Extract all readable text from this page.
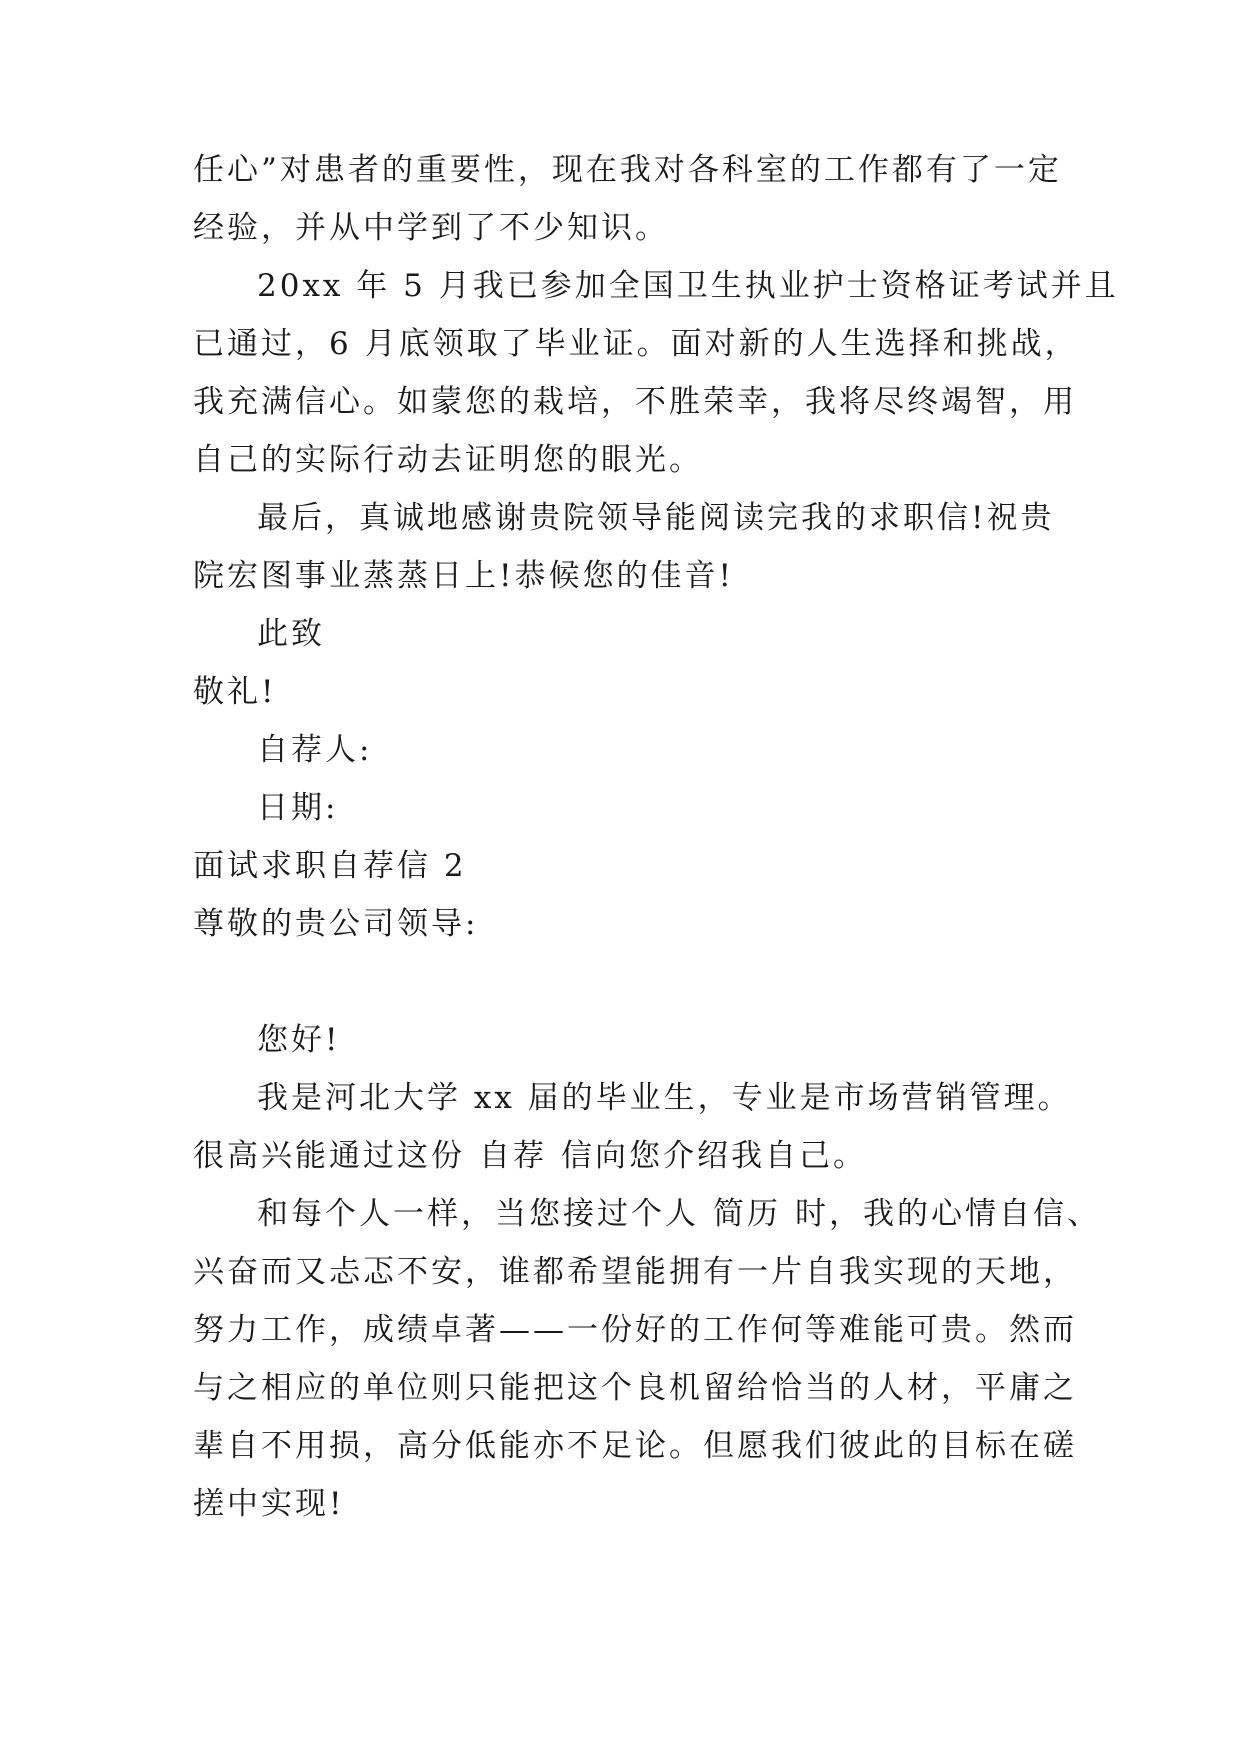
任心”对患者的重要性，现在我对各科室的工作都有了一定
经验，并从中学到了不少知识。
20xx 年 5 月我已参加全国卫生执业护士资格证考试并且
已通过，6 月底领取了毕业证。面对新的人生选择和挑战，
我充满信心。如蒙您的栽培，不胜荣幸，我将尽终竭智，用
自己的实际行动去证明您的眼光。
最后，真诚地感谢贵院领导能阅读完我的求职信!祝贵
院宏图事业蒸蒸日上!恭候您的佳音!
此致
敬礼!
自荐人:
日期:
面试求职自荐信 2
尊敬的贵公司领导:
您好!
我是河北大学 xx 届的毕业生，专业是市场营销管理。
很高兴能通过这份 自荐 信向您介绍我自己。
和每个人一样，当您接过个人 简历 时，我的心情自信、
兴奋而又忐忑不安，谁都希望能拥有一片自我实现的天地，
努力工作，成绩卓著——一份好的工作何等难能可贵。然而
与之相应的单位则只能把这个良机留给恰当的人材，平庸之
辈自不用损，高分低能亦不足论。但愿我们彼此的目标在磋
搓中实现!
